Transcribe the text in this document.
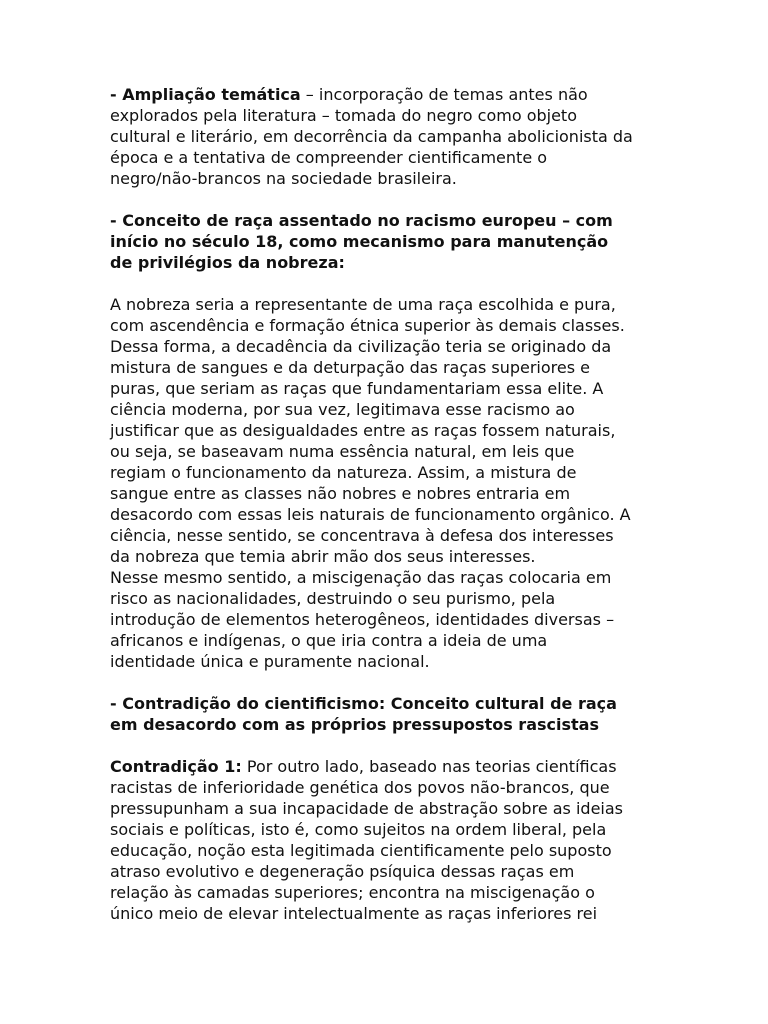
- Ampliação temática – incorporação de temas antes não
explorados pela literatura – tomada do negro como objeto
cultural e literário, em decorrência da campanha abolicionista da
época e a tentativa de compreender cientificamente o
negro/não-brancos na sociedade brasileira.
- Conceito de raça assentado no racismo europeu – com
início no século 18, como mecanismo para manutenção
de privilégios da nobreza:
A nobreza seria a representante de uma raça escolhida e pura,
com ascendência e formação étnica superior às demais classes.
Dessa forma, a decadência da civilização teria se originado da
mistura de sangues e da deturpação das raças superiores e
puras, que seriam as raças que fundamentariam essa elite. A
ciência moderna, por sua vez, legitimava esse racismo ao
justificar que as desigualdades entre as raças fossem naturais,
ou seja, se baseavam numa essência natural, em leis que
regiam o funcionamento da natureza. Assim, a mistura de
sangue entre as classes não nobres e nobres entraria em
desacordo com essas leis naturais de funcionamento orgânico. A
ciência, nesse sentido, se concentrava à defesa dos interesses
da nobreza que temia abrir mão dos seus interesses.
Nesse mesmo sentido, a miscigenação das raças colocaria em
risco as nacionalidades, destruindo o seu purismo, pela
introdução de elementos heterogêneos, identidades diversas –
africanos e indígenas, o que iria contra a ideia de uma
identidade única e puramente nacional.
- Contradição do cientificismo: Conceito cultural de raça
em desacordo com as próprios pressupostos rascistas
Contradição 1: Por outro lado, baseado nas teorias científicas
racistas de inferioridade genética dos povos não-brancos, que
pressupunham a sua incapacidade de abstração sobre as ideias
sociais e políticas, isto é, como sujeitos na ordem liberal, pela
educação, noção esta legitimada cientificamente pelo suposto
atraso evolutivo e degeneração psíquica dessas raças em
relação às camadas superiores; encontra na miscigenação o
único meio de elevar intelectualmente as raças inferiores rei
